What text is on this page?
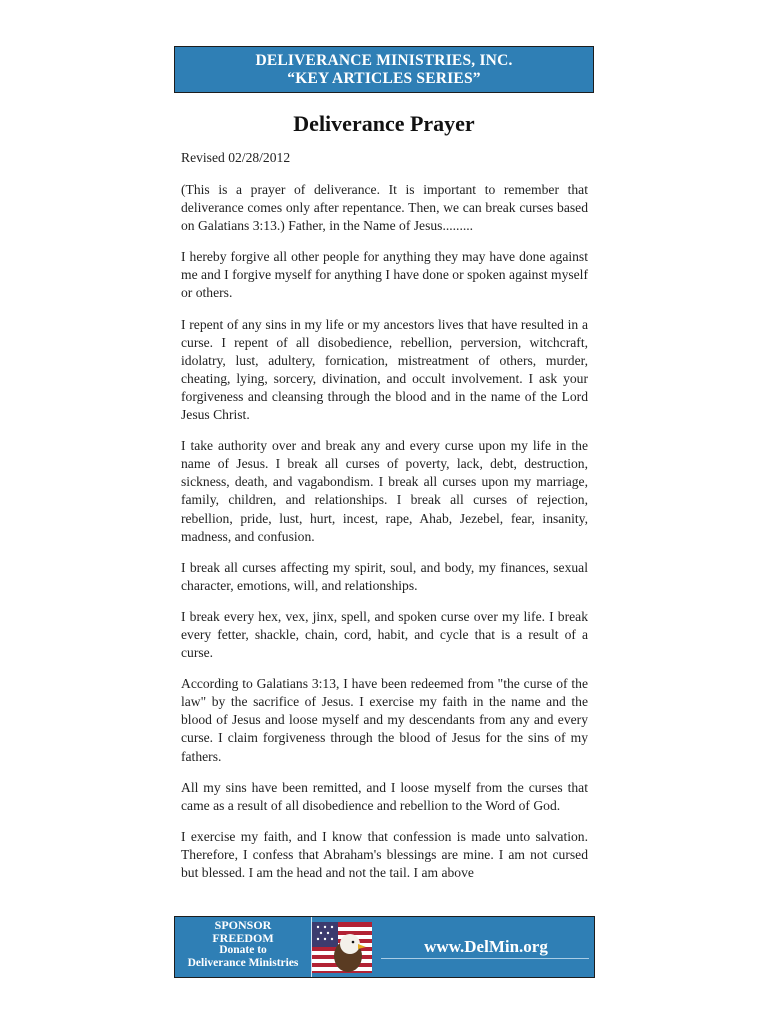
DELIVERANCE MINISTRIES, INC.
“KEY ARTICLES SERIES”
Deliverance Prayer
Revised 02/28/2012

(This is a prayer of deliverance. It is important to remember that deliverance comes only after repentance. Then, we can break curses based on Galatians 3:13.) Father, in the Name of Jesus.........

I hereby forgive all other people for anything they may have done against me and I forgive myself for anything I have done or spoken against myself or others.

I repent of any sins in my life or my ancestors lives that have resulted in a curse. I repent of all disobedience, rebellion, perversion, witchcraft, idolatry, lust, adultery, fornication, mistreatment of others, murder, cheating, lying, sorcery, divination, and occult involvement. I ask your forgiveness and cleansing through the blood and in the name of the Lord Jesus Christ.

I take authority over and break any and every curse upon my life in the name of Jesus. I break all curses of poverty, lack, debt, destruction, sickness, death, and vagabondism. I break all curses upon my marriage, family, children, and relationships. I break all curses of rejection, rebellion, pride, lust, hurt, incest, rape, Ahab, Jezebel, fear, insanity, madness, and confusion.

I break all curses affecting my spirit, soul, and body, my finances, sexual character, emotions, will, and relationships.

I break every hex, vex, jinx, spell, and spoken curse over my life. I break every fetter, shackle, chain, cord, habit, and cycle that is a result of a curse.

According to Galatians 3:13, I have been redeemed from "the curse of the law" by the sacrifice of Jesus. I exercise my faith in the name and the blood of Jesus and loose myself and my descendants from any and every curse. I claim forgiveness through the blood of Jesus for the sins of my fathers.

All my sins have been remitted, and I loose myself from the curses that came as a result of all disobedience and rebellion to the Word of God.

I exercise my faith, and I know that confession is made unto salvation. Therefore, I confess that Abraham's blessings are mine. I am not cursed but blessed. I am the head and not the tail. I am above

SPONSOR
FREEDOM
Donate to
Deliverance Ministries
www.DelMin.org
